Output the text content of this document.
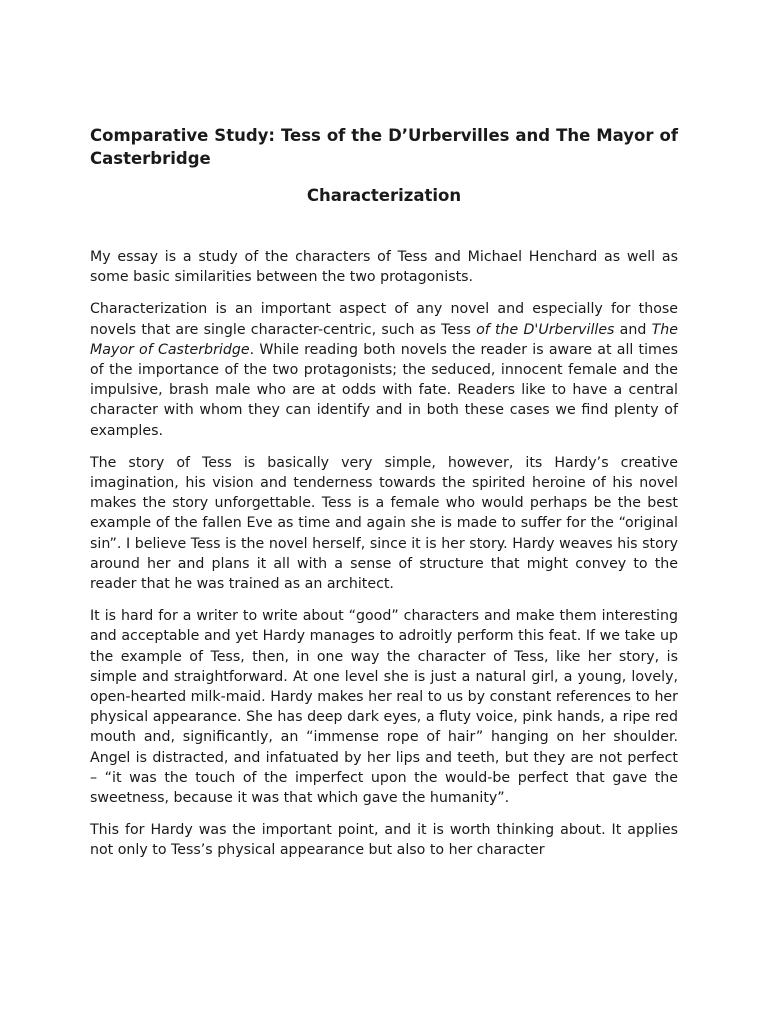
Comparative Study: Tess of the D’Urbervilles and The Mayor of Casterbridge
Characterization

My essay is a study of the characters of Tess and Michael Henchard as well as some basic similarities between the two protagonists.

Characterization is an important aspect of any novel and especially for those novels that are single character-centric, such as Tess of the D'Urbervilles and The Mayor of Casterbridge. While reading both novels the reader is aware at all times of the importance of the two protagonists; the seduced, innocent female and the impulsive, brash male who are at odds with fate. Readers like to have a central character with whom they can identify and in both these cases we find plenty of examples.

The story of Tess is basically very simple, however, its Hardy’s creative imagination, his vision and tenderness towards the spirited heroine of his novel makes the story unforgettable. Tess is a female who would perhaps be the best example of the fallen Eve as time and again she is made to suffer for the “original sin”. I believe Tess is the novel herself, since it is her story. Hardy weaves his story around her and plans it all with a sense of structure that might convey to the reader that he was trained as an architect.

It is hard for a writer to write about “good” characters and make them interesting and acceptable and yet Hardy manages to adroitly perform this feat. If we take up the example of Tess, then, in one way the character of Tess, like her story, is simple and straightforward. At one level she is just a natural girl, a young, lovely, open-hearted milk-maid. Hardy makes her real to us by constant references to her physical appearance. She has deep dark eyes, a fluty voice, pink hands, a ripe red mouth and, significantly, an “immense rope of hair” hanging on her shoulder. Angel is distracted, and infatuated by her lips and teeth, but they are not perfect – “it was the touch of the imperfect upon the would-be perfect that gave the sweetness, because it was that which gave the humanity”.

This for Hardy was the important point, and it is worth thinking about. It applies not only to Tess’s physical appearance but also to her character
